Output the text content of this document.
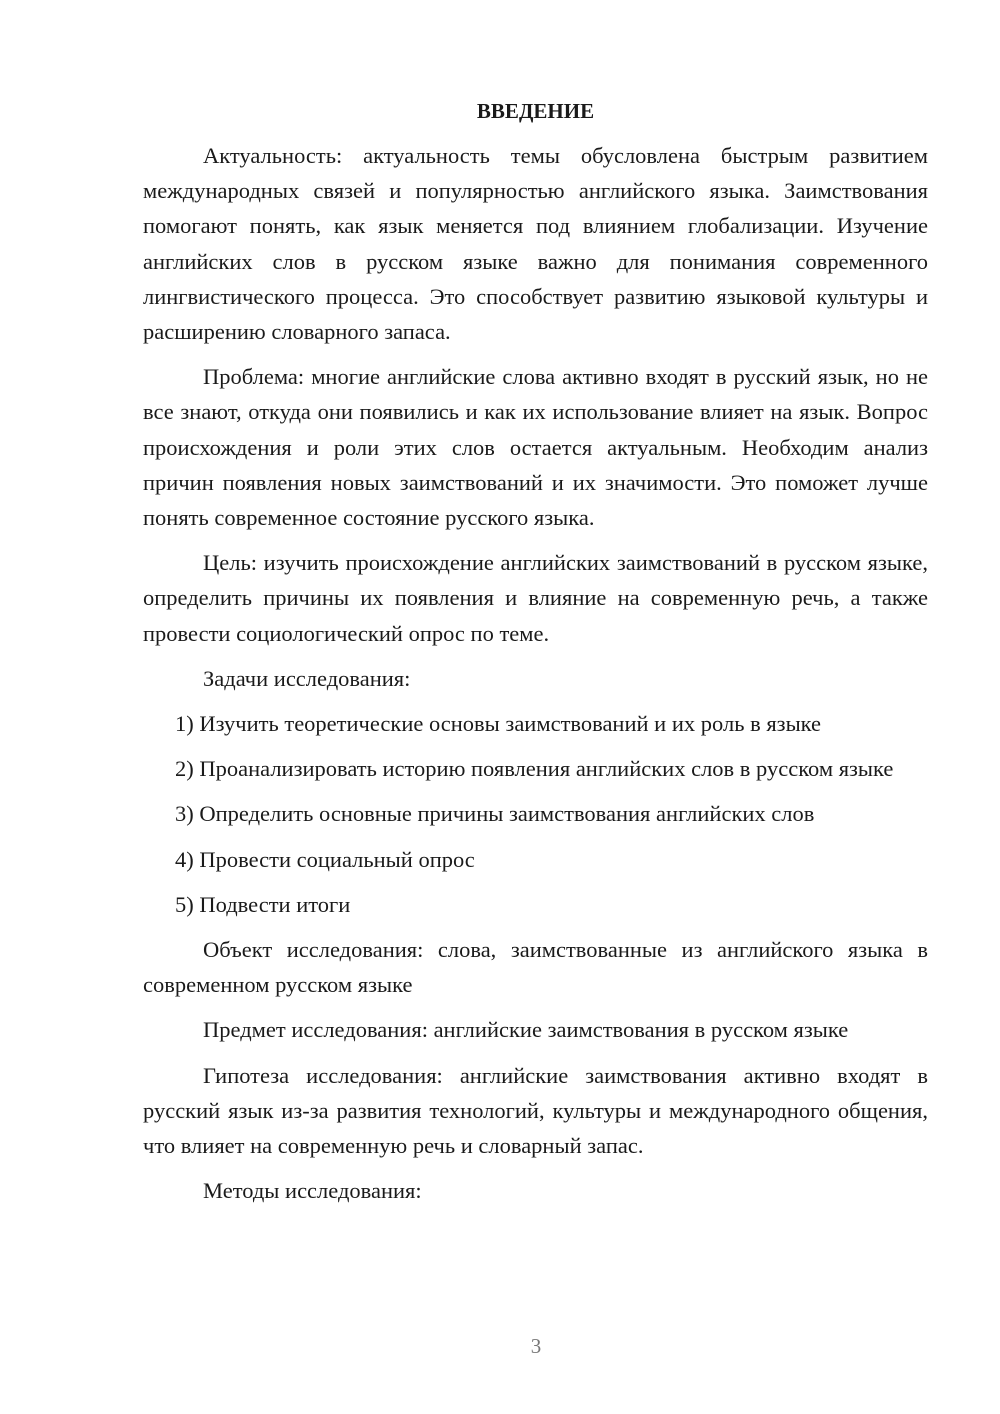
ВВЕДЕНИЕ

Актуальность: актуальность темы обусловлена быстрым развитием международных связей и популярностью английского языка. Заимствования помогают понять, как язык меняется под влиянием глобализации. Изучение английских слов в русском языке важно для понимания современного лингвистического процесса. Это способствует развитию языковой культуры и расширению словарного запаса.

Проблема: многие английские слова активно входят в русский язык, но не все знают, откуда они появились и как их использование влияет на язык. Вопрос происхождения и роли этих слов остается актуальным. Необходим анализ причин появления новых заимствований и их значимости. Это поможет лучше понять современное состояние русского языка.

Цель: изучить происхождение английских заимствований в русском языке, определить причины их появления и влияние на современную речь, а также провести социологический опрос по теме.

Задачи исследования:

1) Изучить теоретические основы заимствований и их роль в языке

2) Проанализировать историю появления английских слов в русском языке

3) Определить основные причины заимствования английских слов

4) Провести социальный опрос

5) Подвести итоги

Объект исследования: слова, заимствованные из английского языка в современном русском языке

Предмет исследования: английские заимствования в русском языке

Гипотеза исследования: английские заимствования активно входят в русский язык из-за развития технологий, культуры и международного общения, что влияет на современную речь и словарный запас.

Методы исследования:

3
